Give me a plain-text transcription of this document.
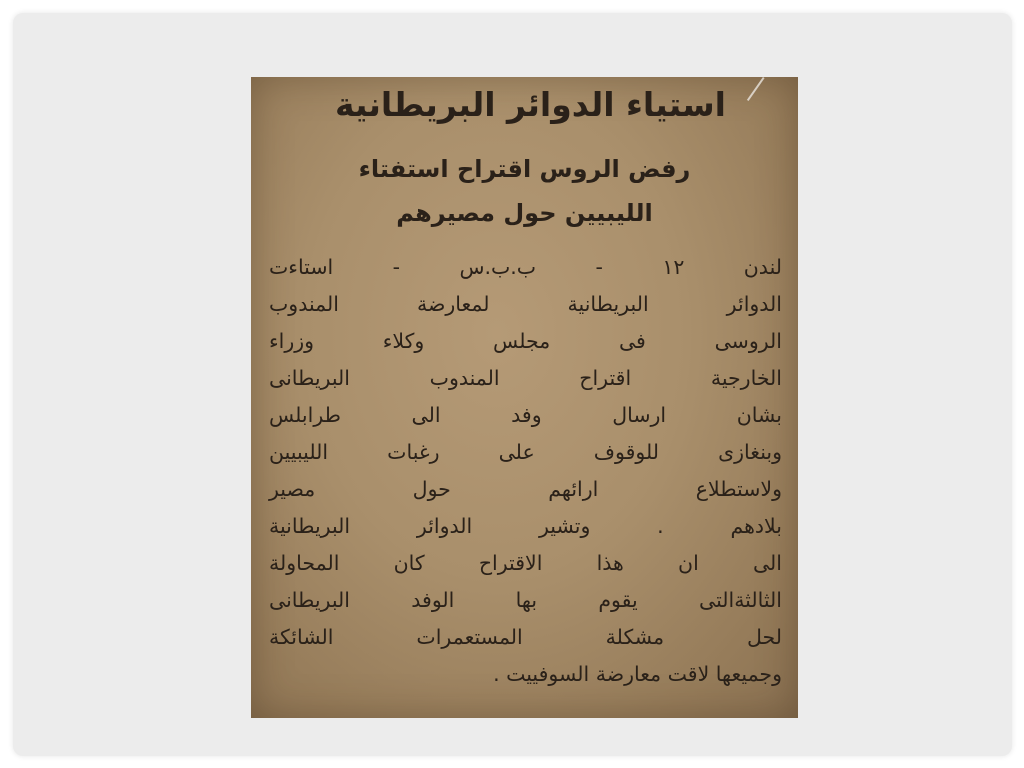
استياء الدوائر البريطانية
رفض الروس اقتراح استفتاء
الليبيين حول مصيرهم
لندن ١٢ - ب.ب.س - استاءت
الدوائر البريطانية لمعارضة المندوب
الروسى فى مجلس وكلاء وزراء
الخارجية اقتراح المندوب البريطانى
بشان ارسال وفد الى طرابلس
وبنغازى للوقوف على رغبات الليبيين
ولاستطلاع ارائهم حول مصير
بلادهم . وتشير الدوائر البريطانية
الى ان هذا الاقتراح كان المحاولة
الثالثةالتى يقوم بها الوفد البريطانى
لحل مشكلة المستعمرات الشائكة
وجميعها لاقت معارضة السوفييت .
